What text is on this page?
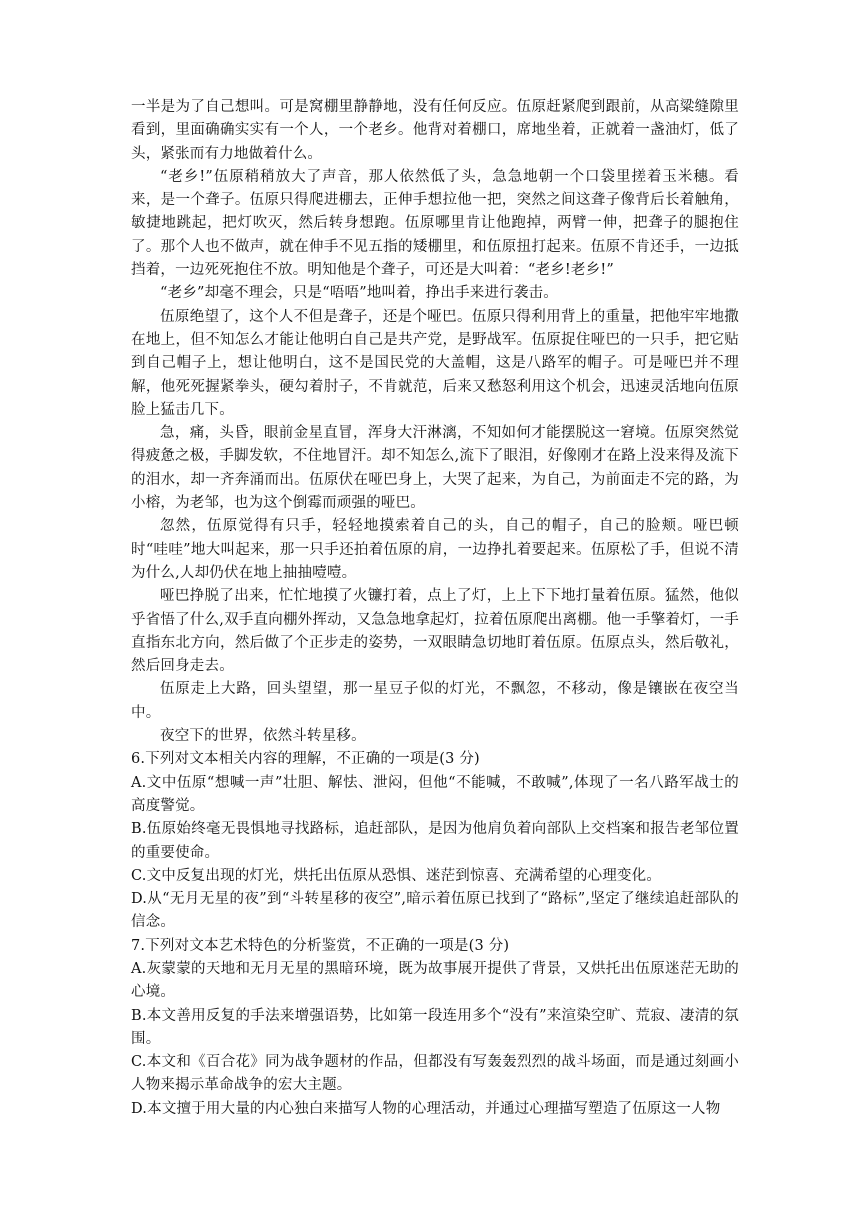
一半是为了自己想叫。可是窝棚里静静地，没有任何反应。伍原赶紧爬到跟前，从高粱缝隙里看到，里面确确实实有一个人，一个老乡。他背对着棚口，席地坐着，正就着一盏油灯，低了头，紧张而有力地做着什么。

“老乡!”伍原稍稍放大了声音，那人依然低了头，急急地朝一个口袋里搓着玉米穗。看来，是一个聋子。伍原只得爬进棚去，正伸手想拉他一把，突然之间这聋子像背后长着触角，敏捷地跳起，把灯吹灭，然后转身想跑。伍原哪里肯让他跑掉，两臂一伸，把聋子的腿抱住了。那个人也不做声，就在伸手不见五指的矮棚里，和伍原扭打起来。伍原不肯还手，一边抵挡着，一边死死抱住不放。明知他是个聋子，可还是大叫着：“老乡!老乡!”

“老乡”却毫不理会，只是“唔唔”地叫着，挣出手来进行袭击。

伍原绝望了，这个人不但是聋子，还是个哑巴。伍原只得利用背上的重量，把他牢牢地撒在地上，但不知怎么才能让他明白自己是共产党，是野战军。伍原捉住哑巴的一只手，把它贴到自己帽子上，想让他明白，这不是国民党的大盖帽，这是八路军的帽子。可是哑巴并不理解，他死死握紧拳头，硬勾着肘子，不肯就范，后来又愁怒利用这个机会，迅速灵活地向伍原脸上猛击几下。

急，痛，头昏，眼前金星直冒，浑身大汗淋漓，不知如何才能摆脱这一窘境。伍原突然觉得疲惫之极，手脚发软，不住地冒汗。却不知怎么,流下了眼泪，好像刚才在路上没来得及流下的泪水，却一齐奔涌而出。伍原伏在哑巴身上，大哭了起来，为自己，为前面走不完的路，为小榕，为老邹，也为这个倒霉而顽强的哑巴。

忽然，伍原觉得有只手，轻轻地摸索着自己的头，自己的帽子，自己的脸颊。哑巴顿时“哇哇”地大叫起来，那一只手还拍着伍原的肩，一边挣扎着要起来。伍原松了手，但说不清为什么,人却仍伏在地上抽抽噎噎。

哑巴挣脱了出来，忙忙地摸了火镰打着，点上了灯，上上下下地打量着伍原。猛然，他似乎省悟了什么,双手直向棚外挥动，又急急地拿起灯，拉着伍原爬出离棚。他一手擎着灯，一手直指东北方向，然后做了个正步走的姿势，一双眼睛急切地盯着伍原。伍原点头，然后敬礼，然后回身走去。

伍原走上大路，回头望望，那一星豆子似的灯光，不飘忽，不移动，像是镶嵌在夜空当中。

夜空下的世界，依然斗转星移。

6.下列对文本相关内容的理解，不正确的一项是(3 分)

A.文中伍原“想喊一声”壮胆、解怯、泄闷，但他“不能喊，不敢喊”,体现了一名八路军战士的高度警觉。

B.伍原始终毫无畏惧地寻找路标，追赶部队，是因为他肩负着向部队上交档案和报告老邹位置的重要使命。

C.文中反复出现的灯光，烘托出伍原从恐惧、迷茫到惊喜、充满希望的心理变化。

D.从“无月无星的夜”到“斗转星移的夜空”,暗示着伍原已找到了“路标”,坚定了继续追赶部队的信念。

7.下列对文本艺术特色的分析鉴赏，不正确的一项是(3 分)

A.灰蒙蒙的天地和无月无星的黑暗环境，既为故事展开提供了背景，又烘托出伍原迷茫无助的心境。

B.本文善用反复的手法来增强语势，比如第一段连用多个“没有”来渲染空旷、荒寂、凄清的氛围。

C.本文和《百合花》同为战争题材的作品，但都没有写轰轰烈烈的战斗场面，而是通过刻画小人物来揭示革命战争的宏大主题。

D.本文擅于用大量的内心独白来描写人物的心理活动，并通过心理描写塑造了伍原这一人物
